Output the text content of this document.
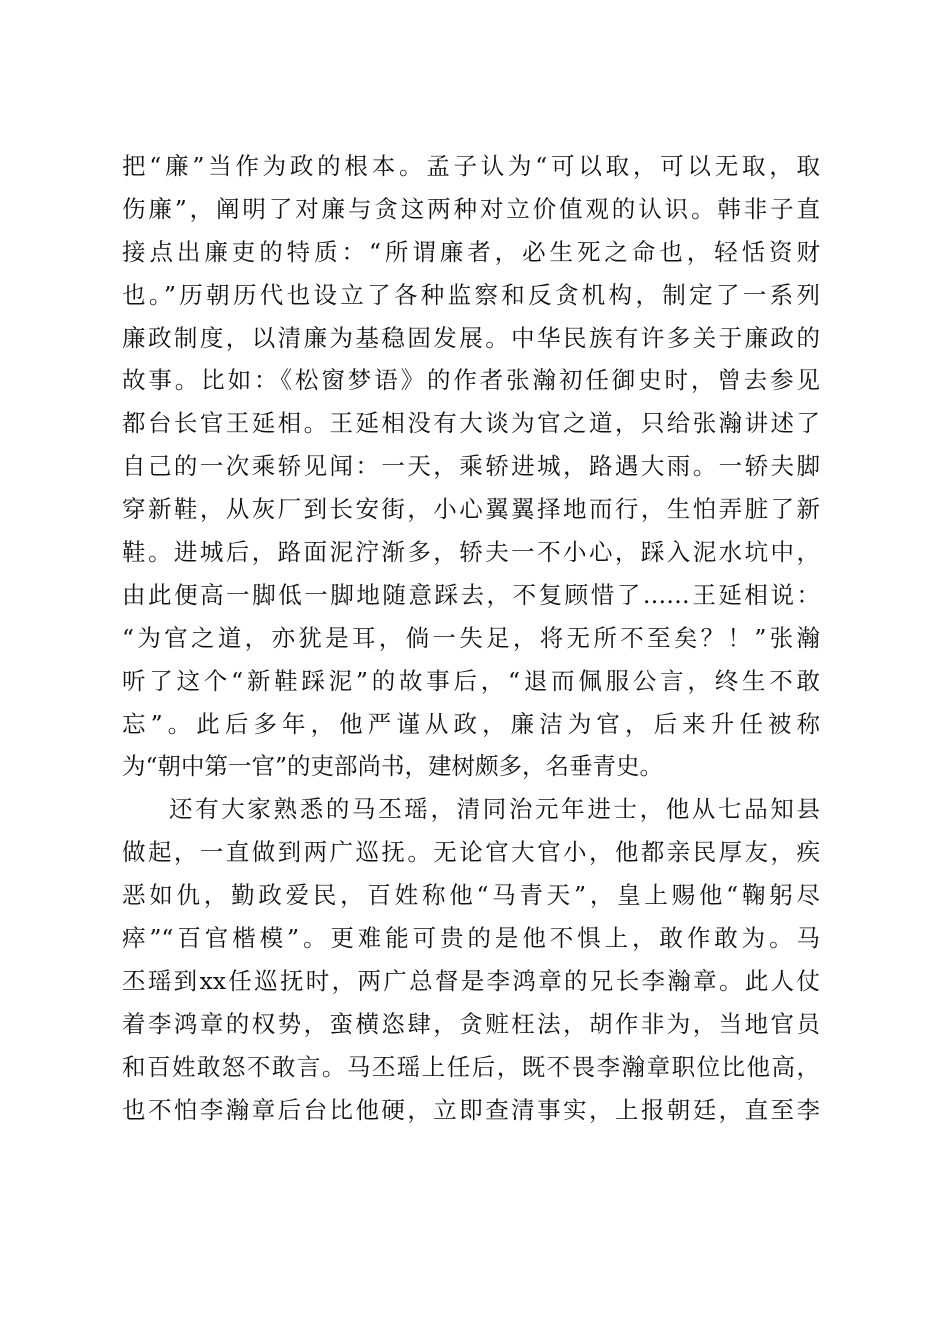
把“廉”当作为政的根本。孟子认为“可以取，可以无取，取
伤廉”，阐明了对廉与贪这两种对立价值观的认识。韩非子直
接点出廉吏的特质：“所谓廉者，必生死之命也，轻恬资财
也。”历朝历代也设立了各种监察和反贪机构，制定了一系列
廉政制度，以清廉为基稳固发展。中华民族有许多关于廉政的
故事。比如：《松窗梦语》的作者张瀚初任御史时，曾去参见
都台长官王延相。王延相没有大谈为官之道，只给张瀚讲述了
自己的一次乘轿见闻：一天，乘轿进城，路遇大雨。一轿夫脚
穿新鞋，从灰厂到长安街，小心翼翼择地而行，生怕弄脏了新
鞋。进城后，路面泥泞渐多，轿夫一不小心，踩入泥水坑中，
由此便高一脚低一脚地随意踩去，不复顾惜了……王延相说：
“为官之道，亦犹是耳，倘一失足，将无所不至矣？！”张瀚
听了这个“新鞋踩泥”的故事后，“退而佩服公言，终生不敢
忘”。此后多年，他严谨从政，廉洁为官，后来升任被称
为“朝中第一官”的吏部尚书，建树颇多，名垂青史。
还有大家熟悉的马丕瑶，清同治元年进士，他从七品知县
做起，一直做到两广巡抚。无论官大官小，他都亲民厚友，疾
恶如仇，勤政爱民，百姓称他“马青天”，皇上赐他“鞠躬尽
瘁”“百官楷模”。更难能可贵的是他不惧上，敢作敢为。马
丕瑶到xx任巡抚时，两广总督是李鸿章的兄长李瀚章。此人仗
着李鸿章的权势，蛮横恣肆，贪赃枉法，胡作非为，当地官员
和百姓敢怒不敢言。马丕瑶上任后，既不畏李瀚章职位比他高，
也不怕李瀚章后台比他硬，立即查清事实，上报朝廷，直至李
